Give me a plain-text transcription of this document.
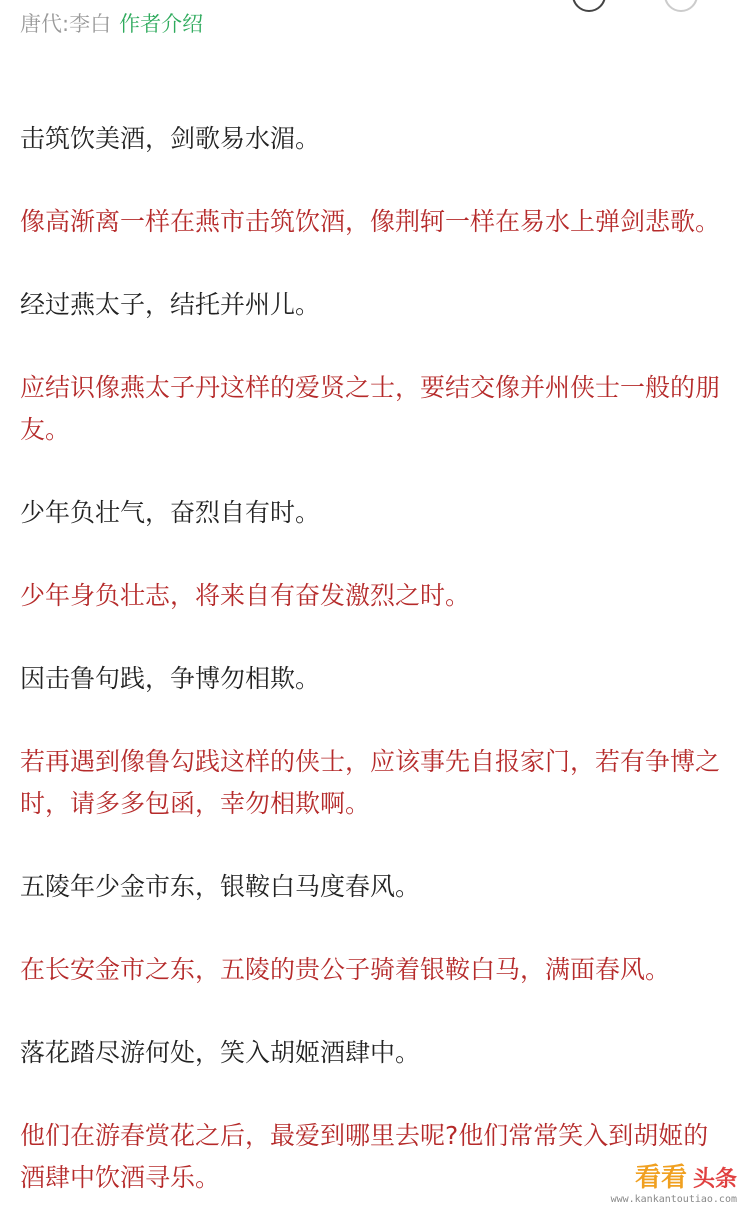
唐代:李白 作者介绍

击筑饮美酒，剑歌易水湄。

像高渐离一样在燕市击筑饮酒，像荆轲一样在易水上弹剑悲歌。

经过燕太子，结托并州儿。

应结识像燕太子丹这样的爱贤之士，要结交像并州侠士一般的朋友。

少年负壮气，奋烈自有时。

少年身负壮志，将来自有奋发激烈之时。

因击鲁句践，争博勿相欺。

若再遇到像鲁勾践这样的侠士，应该事先自报家门，若有争博之时，请多多包函，幸勿相欺啊。

五陵年少金市东，银鞍白马度春风。

在长安金市之东，五陵的贵公子骑着银鞍白马，满面春风。

落花踏尽游何处，笑入胡姬酒肆中。

他们在游春赏花之后，最爱到哪里去呢?他们常常笑入到胡姬的酒肆中饮酒寻乐。	看看 头条
www.kankantoutiao.com
